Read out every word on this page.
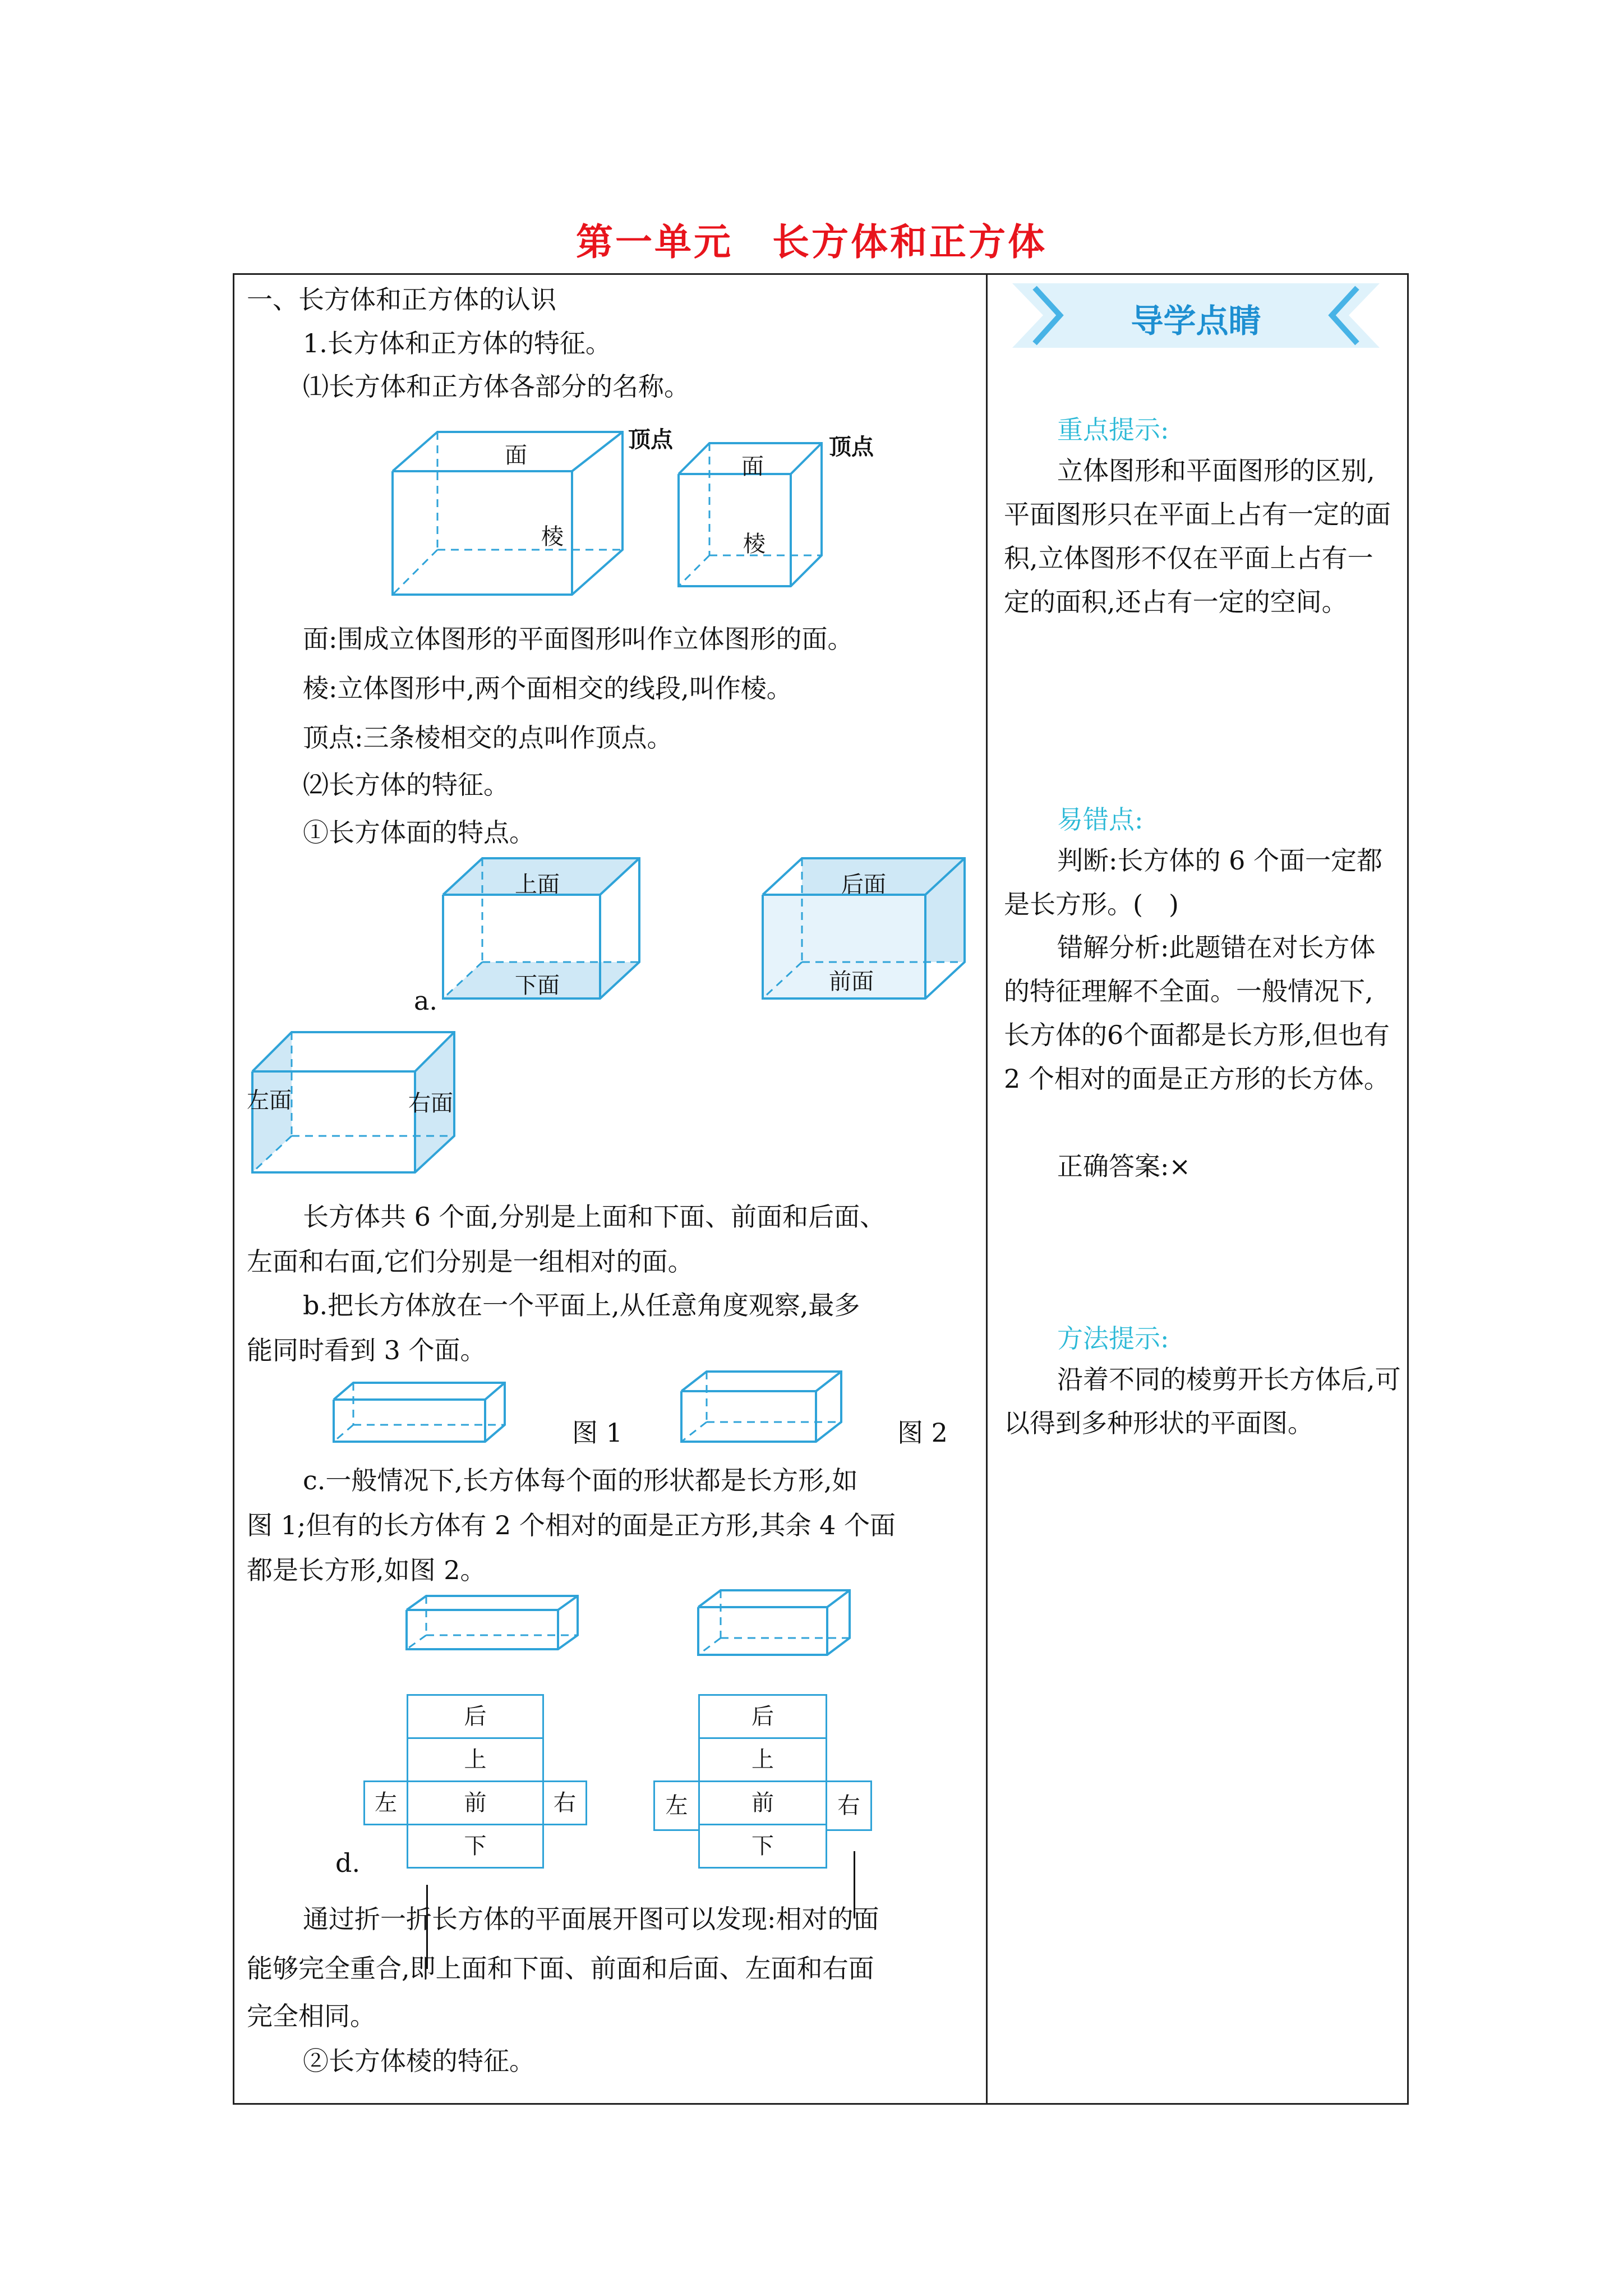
第一单元　长方体和正方体
一、长方体和正方体的认识
1.长方体和正方体的特征。
⑴长方体和正方体各部分的名称。
面
顶点
棱
面
顶点
棱
面:围成立体图形的平面图形叫作立体图形的面。
棱:立体图形中,两个面相交的线段,叫作棱。
顶点:三条棱相交的点叫作顶点。
⑵长方体的特征。
①长方体面的特点。
上面
下面
a.
后面
前面
左面	右面
长方体共 6 个面,分别是上面和下面、前面和后面、
左面和右面,它们分别是一组相对的面。
b.把长方体放在一个平面上,从任意角度观察,最多
能同时看到 3 个面。
图 1	图 2
c.一般情况下,长方体每个面的形状都是长方形,如
图 1;但有的长方体有 2 个相对的面是正方形,其余 4 个面
都是长方形,如图 2。
后
上
左	前	右
下
d.
后
上
左	前	右
下
通过折一折长方体的平面展开图可以发现:相对的面
能够完全重合,即上面和下面、前面和后面、左面和右面
完全相同。
②长方体棱的特征。
导学点睛
重点提示:
立体图形和平面图形的区别,平面图形只在平面上占有一定的面积,立体图形不仅在平面上占有一定的面积,还占有一定的空间。
易错点:
判断:长方体的 6 个面一定都是长方形。(　)
错解分析:此题错在对长方体的特征理解不全面。一般情况下,长方体的6个面都是长方形,但也有 2 个相对的面是正方形的长方体。
正确答案:×
方法提示:
沿着不同的棱剪开长方体后,可以得到多种形状的平面图。
